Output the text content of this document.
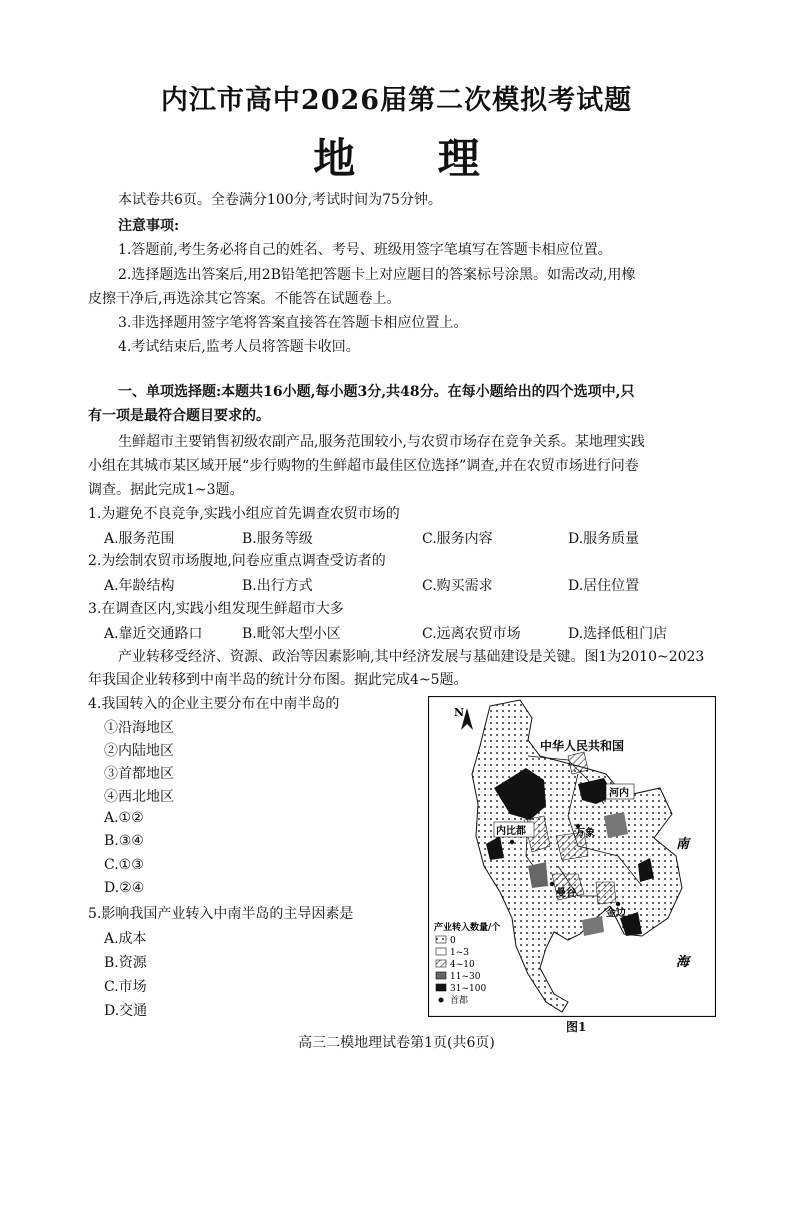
内江市高中2026届第二次模拟考试题
地 理
本试卷共6页。全卷满分100分,考试时间为75分钟。
注意事项:
1.答题前,考生务必将自己的姓名、考号、班级用签字笔填写在答题卡相应位置。
2.选择题选出答案后,用2B铅笔把答题卡上对应题目的答案标号涂黑。如需改动,用橡
皮擦干净后,再选涂其它答案。不能答在试题卷上。
3.非选择题用签字笔将答案直接答在答题卡相应位置上。
4.考试结束后,监考人员将答题卡收回。
一、单项选择题:本题共16小题,每小题3分,共48分。在每小题给出的四个选项中,只
有一项是最符合题目要求的。
生鲜超市主要销售初级农副产品,服务范围较小,与农贸市场存在竞争关系。某地理实践
小组在其城市某区域开展“步行购物的生鲜超市最佳区位选择”调查,并在农贸市场进行问卷
调查。据此完成1~3题。
1.为避免不良竞争,实践小组应首先调查农贸市场的
A.服务范围	B.服务等级	C.服务内容	D.服务质量
2.为绘制农贸市场腹地,问卷应重点调查受访者的
A.年龄结构	B.出行方式	C.购买需求	D.居住位置
3.在调查区内,实践小组发现生鲜超市大多
A.靠近交通路口	B.毗邻大型小区	C.远离农贸市场	D.选择低租门店
产业转移受经济、资源、政治等因素影响,其中经济发展与基础建设是关键。图1为2010~2023
年我国企业转移到中南半岛的统计分布图。据此完成4~5题。
4.我国转入的企业主要分布在中南半岛的
①沿海地区
②内陆地区
③首都地区
④西北地区
A.①②
B.③④
C.①③
D.②④
5.影响我国产业转入中南半岛的主导因素是
A.成本
B.资源
C.市场
D.交通
N
中华人民共和国
内比都
河内
万象
曼谷
金边
南
海
产业转入数量/个
0
1~3
4~10
11~30
31~100
首都
图1
高三二模地理试卷第1页(共6页)
